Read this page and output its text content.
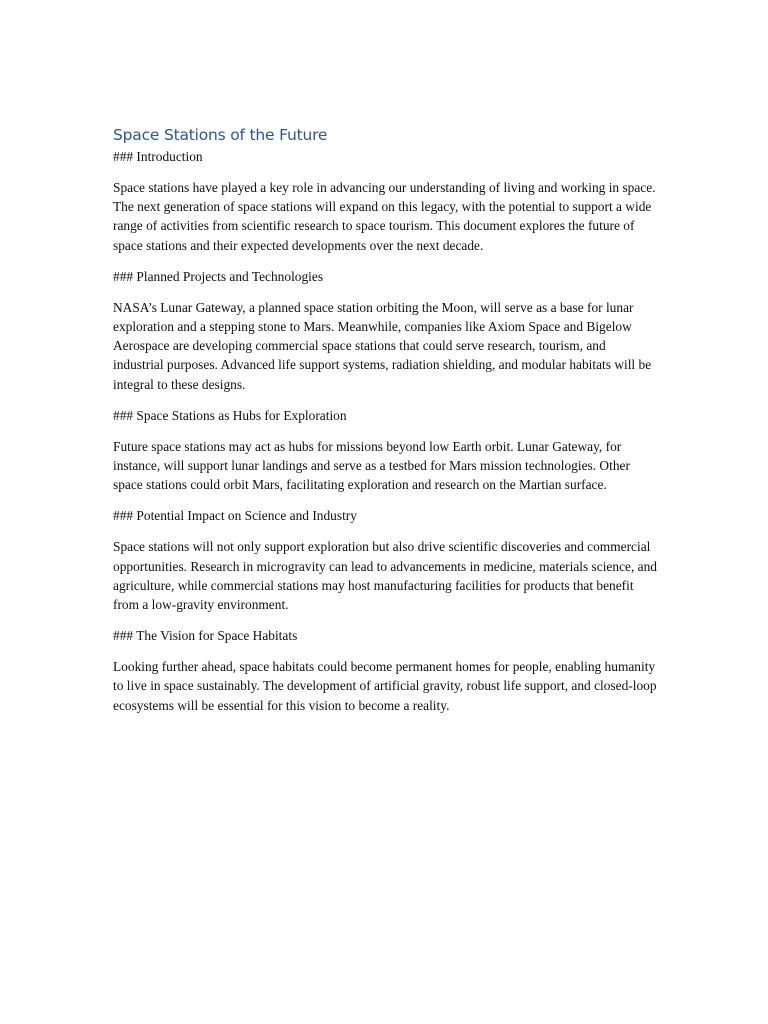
Space Stations of the Future

### Introduction

Space stations have played a key role in advancing our understanding of living and working in space. The next generation of space stations will expand on this legacy, with the potential to support a wide range of activities from scientific research to space tourism. This document explores the future of space stations and their expected developments over the next decade.

### Planned Projects and Technologies

NASA’s Lunar Gateway, a planned space station orbiting the Moon, will serve as a base for lunar exploration and a stepping stone to Mars. Meanwhile, companies like Axiom Space and Bigelow Aerospace are developing commercial space stations that could serve research, tourism, and industrial purposes. Advanced life support systems, radiation shielding, and modular habitats will be integral to these designs.

### Space Stations as Hubs for Exploration

Future space stations may act as hubs for missions beyond low Earth orbit. Lunar Gateway, for instance, will support lunar landings and serve as a testbed for Mars mission technologies. Other space stations could orbit Mars, facilitating exploration and research on the Martian surface.

### Potential Impact on Science and Industry

Space stations will not only support exploration but also drive scientific discoveries and commercial opportunities. Research in microgravity can lead to advancements in medicine, materials science, and agriculture, while commercial stations may host manufacturing facilities for products that benefit from a low-gravity environment.

### The Vision for Space Habitats

Looking further ahead, space habitats could become permanent homes for people, enabling humanity to live in space sustainably. The development of artificial gravity, robust life support, and closed-loop ecosystems will be essential for this vision to become a reality.
